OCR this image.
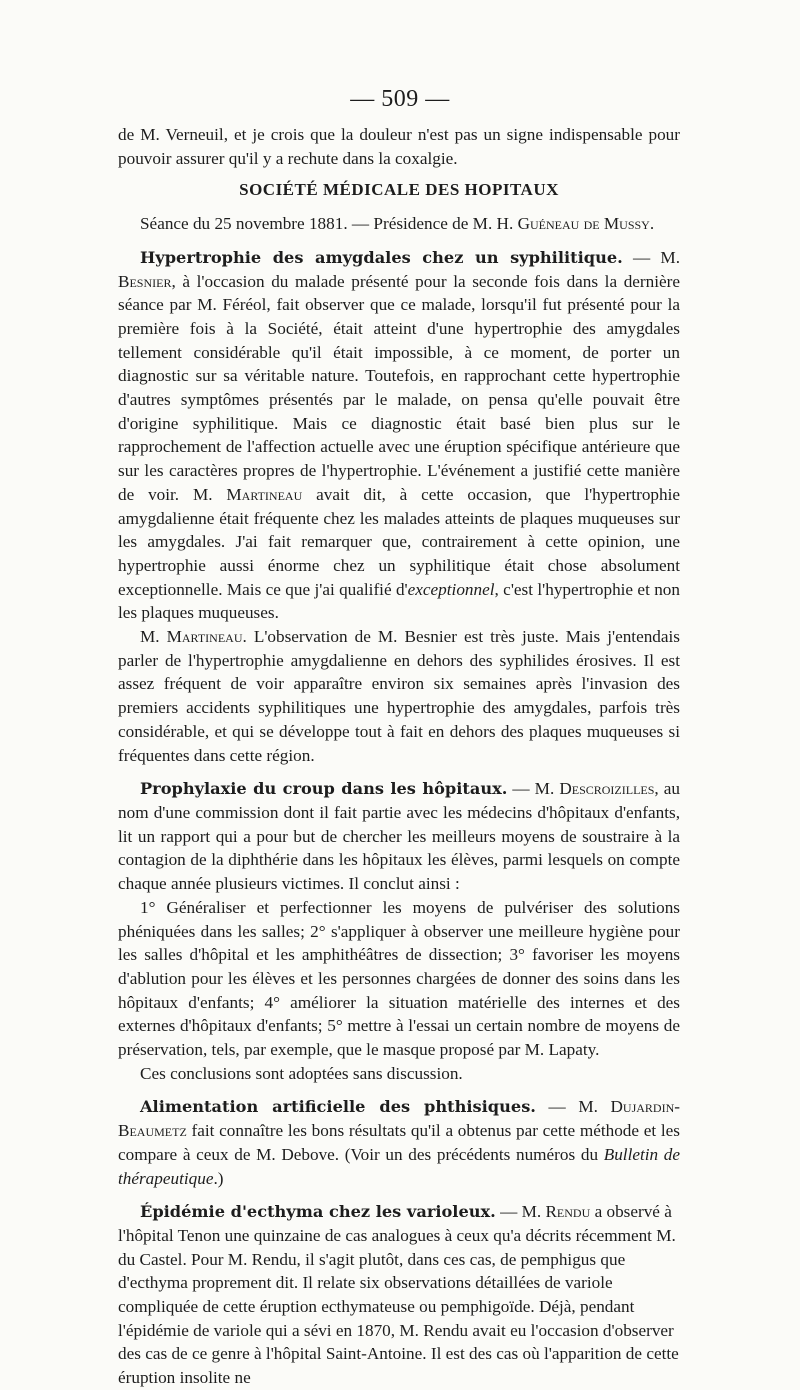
— 509 —

de M. Verneuil, et je crois que la douleur n'est pas un signe indispensable pour pouvoir assurer qu'il y a rechute dans la coxalgie.

SOCIÉTÉ MÉDICALE DES HOPITAUX

Séance du 25 novembre 1881. — Présidence de M. H. Guéneau de Mussy.

Hypertrophie des amygdales chez un syphilitique. — M. Besnier, à l'occasion du malade présenté pour la seconde fois dans la dernière séance par M. Féréol, fait observer que ce malade, lorsqu'il fut présenté pour la première fois à la Société, était atteint d'une hypertrophie des amygdales tellement considérable qu'il était impossible, à ce moment, de porter un diagnostic sur sa véritable nature. Toutefois, en rapprochant cette hypertrophie d'autres symptômes présentés par le malade, on pensa qu'elle pouvait être d'origine syphilitique. Mais ce diagnostic était basé bien plus sur le rapprochement de l'affection actuelle avec une éruption spécifique antérieure que sur les caractères propres de l'hypertrophie. L'événement a justifié cette manière de voir. M. Martineau avait dit, à cette occasion, que l'hypertrophie amygdalienne était fréquente chez les malades atteints de plaques muqueuses sur les amygdales. J'ai fait remarquer que, contrairement à cette opinion, une hypertrophie aussi énorme chez un syphilitique était chose absolument exceptionnelle. Mais ce que j'ai qualifié d'exceptionnel, c'est l'hypertrophie et non les plaques muqueuses.

M. Martineau. L'observation de M. Besnier est très juste. Mais j'entendais parler de l'hypertrophie amygdalienne en dehors des syphilides érosives. Il est assez fréquent de voir apparaître environ six semaines après l'invasion des premiers accidents syphilitiques une hypertrophie des amygdales, parfois très considérable, et qui se développe tout à fait en dehors des plaques muqueuses si fréquentes dans cette région.

Prophylaxie du croup dans les hôpitaux. — M. Descroizilles, au nom d'une commission dont il fait partie avec les médecins d'hôpitaux d'enfants, lit un rapport qui a pour but de chercher les meilleurs moyens de soustraire à la contagion de la diphthérie dans les hôpitaux les élèves, parmi lesquels on compte chaque année plusieurs victimes. Il conclut ainsi :

1° Généraliser et perfectionner les moyens de pulvériser des solutions phéniquées dans les salles; 2° s'appliquer à observer une meilleure hygiène pour les salles d'hôpital et les amphithéâtres de dissection; 3° favoriser les moyens d'ablution pour les élèves et les personnes chargées de donner des soins dans les hôpitaux d'enfants; 4° améliorer la situation matérielle des internes et des externes d'hôpitaux d'enfants; 5° mettre à l'essai un certain nombre de moyens de préservation, tels, par exemple, que le masque proposé par M. Lapaty.

Ces conclusions sont adoptées sans discussion.

Alimentation artificielle des phthisiques. — M. Dujardin-Beaumetz fait connaître les bons résultats qu'il a obtenus par cette méthode et les compare à ceux de M. Debove. (Voir un des précédents numéros du Bulletin de thérapeutique.)

Épidémie d'ecthyma chez les varioleux. — M. Rendu a observé à l'hôpital Tenon une quinzaine de cas analogues à ceux qu'a décrits récemment M. du Castel. Pour M. Rendu, il s'agit plutôt, dans ces cas, de pemphigus que d'ecthyma proprement dit. Il relate six observations détaillées de variole compliquée de cette éruption ecthymateuse ou pemphigoïde. Déjà, pendant l'épidémie de variole qui a sévi en 1870, M. Rendu avait eu l'occasion d'observer des cas de ce genre à l'hôpital Saint-Antoine. Il est des cas où l'apparition de cette éruption insolite ne
